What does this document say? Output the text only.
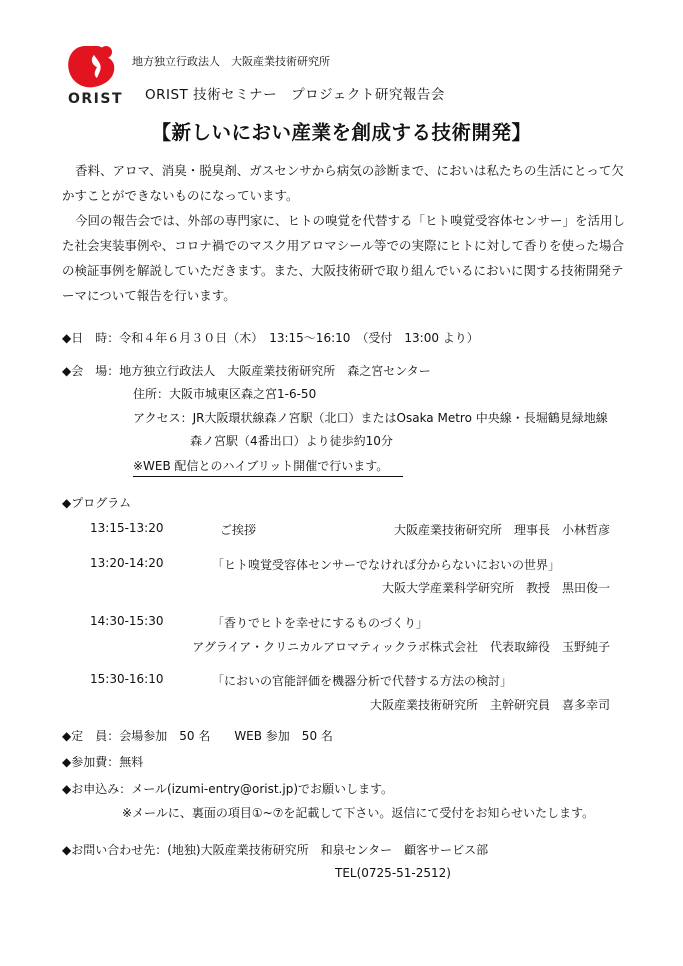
ORIST
地方独立行政法人　大阪産業技術研究所
ORIST 技術セミナー　プロジェクト研究報告会
【新しいにおい産業を創成する技術開発】
香料、アロマ、消臭・脱臭剤、ガスセンサから病気の診断まで、においは私たちの生活にとって欠かすことができないものになっています。
今回の報告会では、外部の専門家に、ヒトの嗅覚を代替する「ヒト嗅覚受容体センサー」を活用した社会実装事例や、コロナ禍でのマスク用アロマシール等での実際にヒトに対して香りを使った場合の検証事例を解説していただきます。また、大阪技術研で取り組んでいるにおいに関する技術開発テーマについて報告を行います。
◆日　時：令和４年６月３０日（木）　13:15～16:10　（受付　13:00 より）
◆会　場：地方独立行政法人　大阪産業技術研究所　森之宮センター
住所：大阪市城東区森之宮1-6-50
アクセス：JR大阪環状線森ノ宮駅（北口）またはOsaka Metro 中央線・長堀鶴見緑地線
森ノ宮駅（4番出口）より徒歩約10分
※WEB 配信とのハイブリット開催で行います。
◆プログラム
13:15-13:20	ご挨拶	大阪産業技術研究所　理事長　小林哲彦
13:20-14:20	「ヒト嗅覚受容体センサーでなければ分からないにおいの世界」
大阪大学産業科学研究所　教授　黒田俊一
14:30-15:30	「香りでヒトを幸せにするものづくり」
アグライア・クリニカルアロマティックラボ株式会社　代表取締役　玉野純子
15:30-16:10	「においの官能評価を機器分析で代替する方法の検討」
大阪産業技術研究所　主幹研究員　喜多幸司
◆定　員：会場参加　50 名　　WEB 参加　50 名
◆参加費：無料
◆お申込み：メール(izumi-entry@orist.jp)でお願いします。
※メールに、裏面の項目①~⑦を記載して下さい。返信にて受付をお知らせいたします。
◆お問い合わせ先：(地独)大阪産業技術研究所　和泉センター　顧客サービス部
TEL(0725-51-2512)
